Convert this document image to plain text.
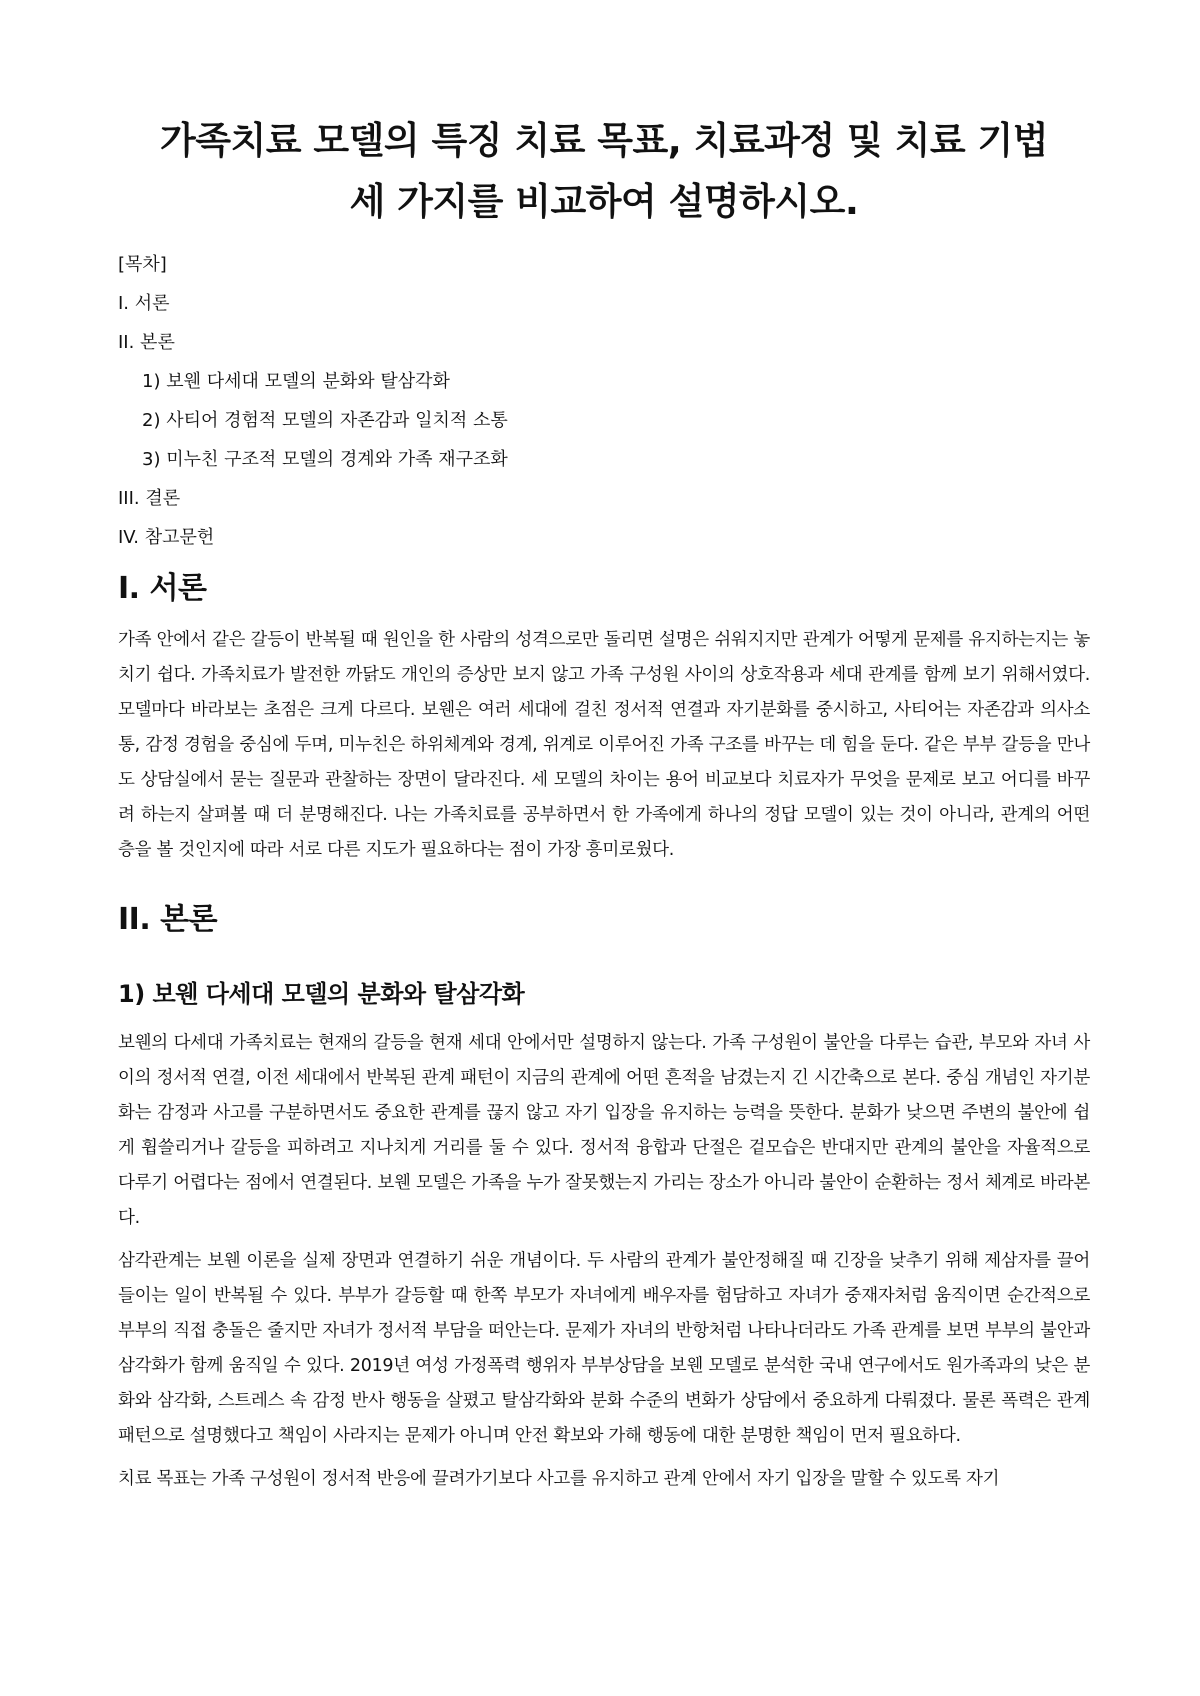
가족치료 모델의 특징 치료 목표, 치료과정 및 치료 기법 세 가지를 비교하여 설명하시오.
[목차]
I. 서론
II. 본론
1) 보웬 다세대 모델의 분화와 탈삼각화
2) 사티어 경험적 모델의 자존감과 일치적 소통
3) 미누친 구조적 모델의 경계와 가족 재구조화
III. 결론
IV. 참고문헌
I. 서론

가족 안에서 같은 갈등이 반복될 때 원인을 한 사람의 성격으로만 돌리면 설명은 쉬워지지만 관계가 어떻게 문제를 유지하는지는 놓치기 쉽다. 가족치료가 발전한 까닭도 개인의 증상만 보지 않고 가족 구성원 사이의 상호작용과 세대 관계를 함께 보기 위해서였다. 모델마다 바라보는 초점은 크게 다르다. 보웬은 여러 세대에 걸친 정서적 연결과 자기분화를 중시하고, 사티어는 자존감과 의사소통, 감정 경험을 중심에 두며, 미누친은 하위체계와 경계, 위계로 이루어진 가족 구조를 바꾸는 데 힘을 둔다. 같은 부부 갈등을 만나도 상담실에서 묻는 질문과 관찰하는 장면이 달라진다. 세 모델의 차이는 용어 비교보다 치료자가 무엇을 문제로 보고 어디를 바꾸려 하는지 살펴볼 때 더 분명해진다. 나는 가족치료를 공부하면서 한 가족에게 하나의 정답 모델이 있는 것이 아니라, 관계의 어떤 층을 볼 것인지에 따라 서로 다른 지도가 필요하다는 점이 가장 흥미로웠다.

II. 본론
1) 보웬 다세대 모델의 분화와 탈삼각화

보웬의 다세대 가족치료는 현재의 갈등을 현재 세대 안에서만 설명하지 않는다. 가족 구성원이 불안을 다루는 습관, 부모와 자녀 사이의 정서적 연결, 이전 세대에서 반복된 관계 패턴이 지금의 관계에 어떤 흔적을 남겼는지 긴 시간축으로 본다. 중심 개념인 자기분화는 감정과 사고를 구분하면서도 중요한 관계를 끊지 않고 자기 입장을 유지하는 능력을 뜻한다. 분화가 낮으면 주변의 불안에 쉽게 휩쓸리거나 갈등을 피하려고 지나치게 거리를 둘 수 있다. 정서적 융합과 단절은 겉모습은 반대지만 관계의 불안을 자율적으로 다루기 어렵다는 점에서 연결된다. 보웬 모델은 가족을 누가 잘못했는지 가리는 장소가 아니라 불안이 순환하는 정서 체계로 바라본다.

삼각관계는 보웬 이론을 실제 장면과 연결하기 쉬운 개념이다. 두 사람의 관계가 불안정해질 때 긴장을 낮추기 위해 제삼자를 끌어들이는 일이 반복될 수 있다. 부부가 갈등할 때 한쪽 부모가 자녀에게 배우자를 험담하고 자녀가 중재자처럼 움직이면 순간적으로 부부의 직접 충돌은 줄지만 자녀가 정서적 부담을 떠안는다. 문제가 자녀의 반항처럼 나타나더라도 가족 관계를 보면 부부의 불안과 삼각화가 함께 움직일 수 있다. 2019년 여성 가정폭력 행위자 부부상담을 보웬 모델로 분석한 국내 연구에서도 원가족과의 낮은 분화와 삼각화, 스트레스 속 감정 반사 행동을 살폈고 탈삼각화와 분화 수준의 변화가 상담에서 중요하게 다뤄졌다. 물론 폭력은 관계 패턴으로 설명했다고 책임이 사라지는 문제가 아니며 안전 확보와 가해 행동에 대한 분명한 책임이 먼저 필요하다.

치료 목표는 가족 구성원이 정서적 반응에 끌려가기보다 사고를 유지하고 관계 안에서 자기 입장을 말할 수 있도록 자기
